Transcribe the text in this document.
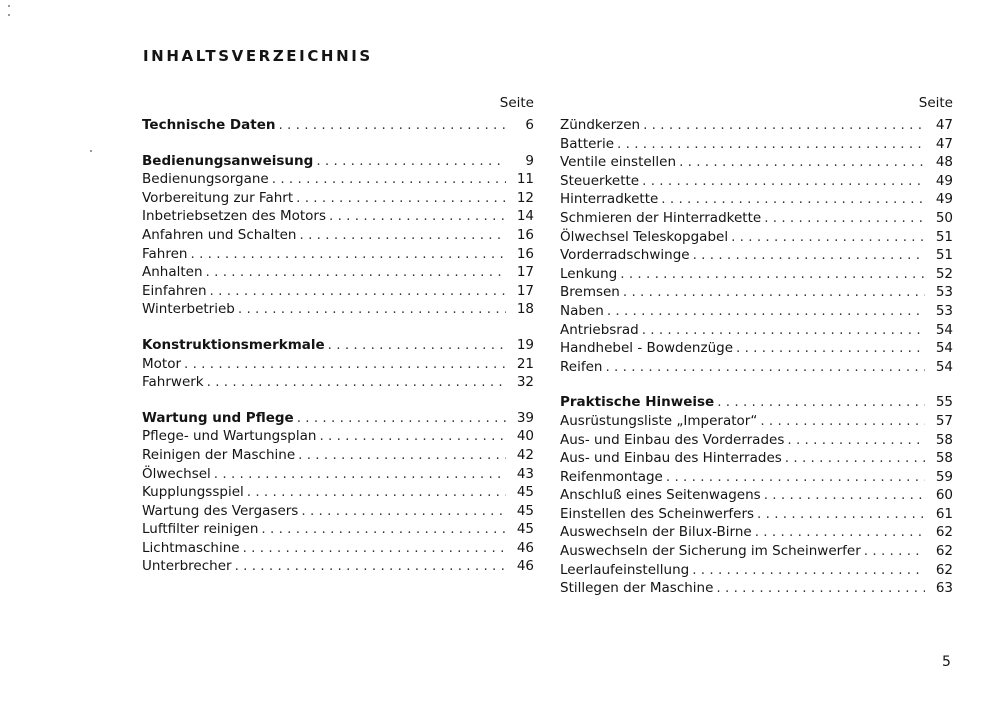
INHALTSVERZEICHNIS
Seite
Technische Daten . . .	6
Bedienungsanweisung . . .	9
Bedienungsorgane . . .	11
Vorbereitung zur Fahrt . . .	12
Inbetriebsetzen des Motors . . .	14
Anfahren und Schalten . . .	16
Fahren . . .	16
Anhalten . . .	17
Einfahren . . .	17
Winterbetrieb . . .	18
Konstruktionsmerkmale . . .	19
Motor . . .	21
Fahrwerk . . .	32
Wartung und Pflege . . .	39
Pflege- und Wartungsplan . . .	40
Reinigen der Maschine . . .	42
Ölwechsel . . .	43
Kupplungsspiel . . .	45
Wartung des Vergasers . . .	45
Luftfilter reinigen . . .	45
Lichtmaschine . . .	46
Unterbrecher . . .	46
Seite
Zündkerzen . . .	47
Batterie . . .	47
Ventile einstellen . . .	48
Steuerkette . . .	49
Hinterradkette . . .	49
Schmieren der Hinterradkette . . .	50
Ölwechsel Teleskopgabel . . .	51
Vorderradschwinge . . .	51
Lenkung . . .	52
Bremsen . . .	53
Naben . . .	53
Antriebsrad . . .	54
Handhebel - Bowdenzüge . . .	54
Reifen . . .	54
Praktische Hinweise . . .	55
Ausrüstungsliste „Imperator“ . . .	57
Aus- und Einbau des Vorderrades . . .	58
Aus- und Einbau des Hinterrades . . .	58
Reifenmontage . . .	59
Anschluß eines Seitenwagens . . .	60
Einstellen des Scheinwerfers . . .	61
Auswechseln der Bilux-Birne . . .	62
Auswechseln der Sicherung im Scheinwerfer . . .	62
Leerlaufeinstellung . . .	62
Stillegen der Maschine . . .	63
5
